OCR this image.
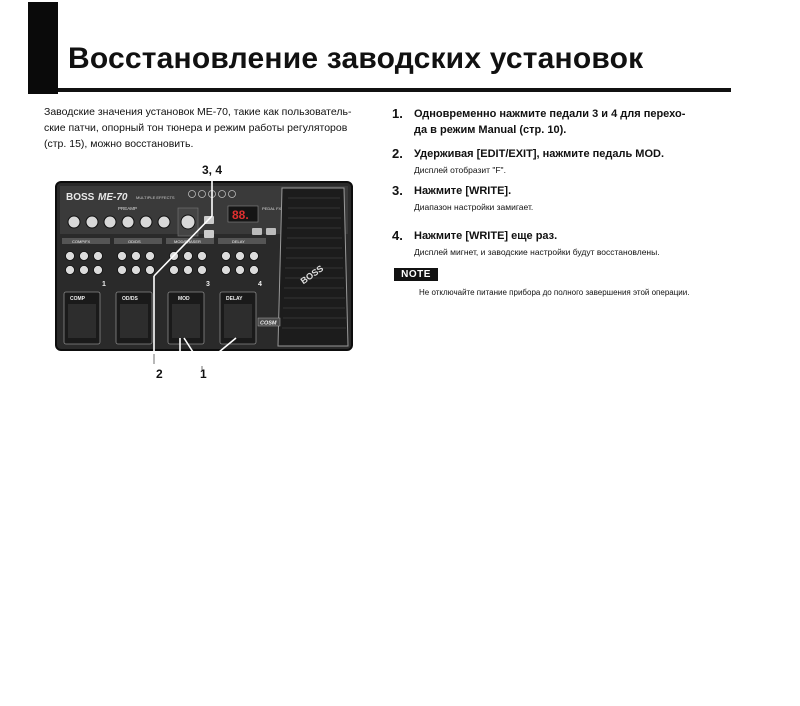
Восстановление заводских установок

Заводские значения установок ME-70, такие как пользователь-
ские патчи, опорный тон тюнера и режим работы регуляторов
(стр. 15), можно восстановить.

3, 4
BOSS ME-70 MULTIPLE EFFECTS
PREAMP	88.	PEDAL FX
COMP/FX	OD/DS	MOD/PHASER	DELAY
1	3	4
COMP	OD/DS	MOD	DELAY
BOSS
COSM
2	1
1.	Одновременно нажмите педали 3 и 4 для перехо-
да в режим Manual (стр. 10).
2.	Удерживая [EDIT/EXIT], нажмите педаль MOD.
Дисплей отобразит "F".
3.	Нажмите [WRITE].
Диапазон настройки замигает.
4.	Нажмите [WRITE] еще раз.
Дисплей мигнет, и заводские настройки будут восстановлены.
NOTE

Не отключайте питание прибора до полного завершения этой операции.
